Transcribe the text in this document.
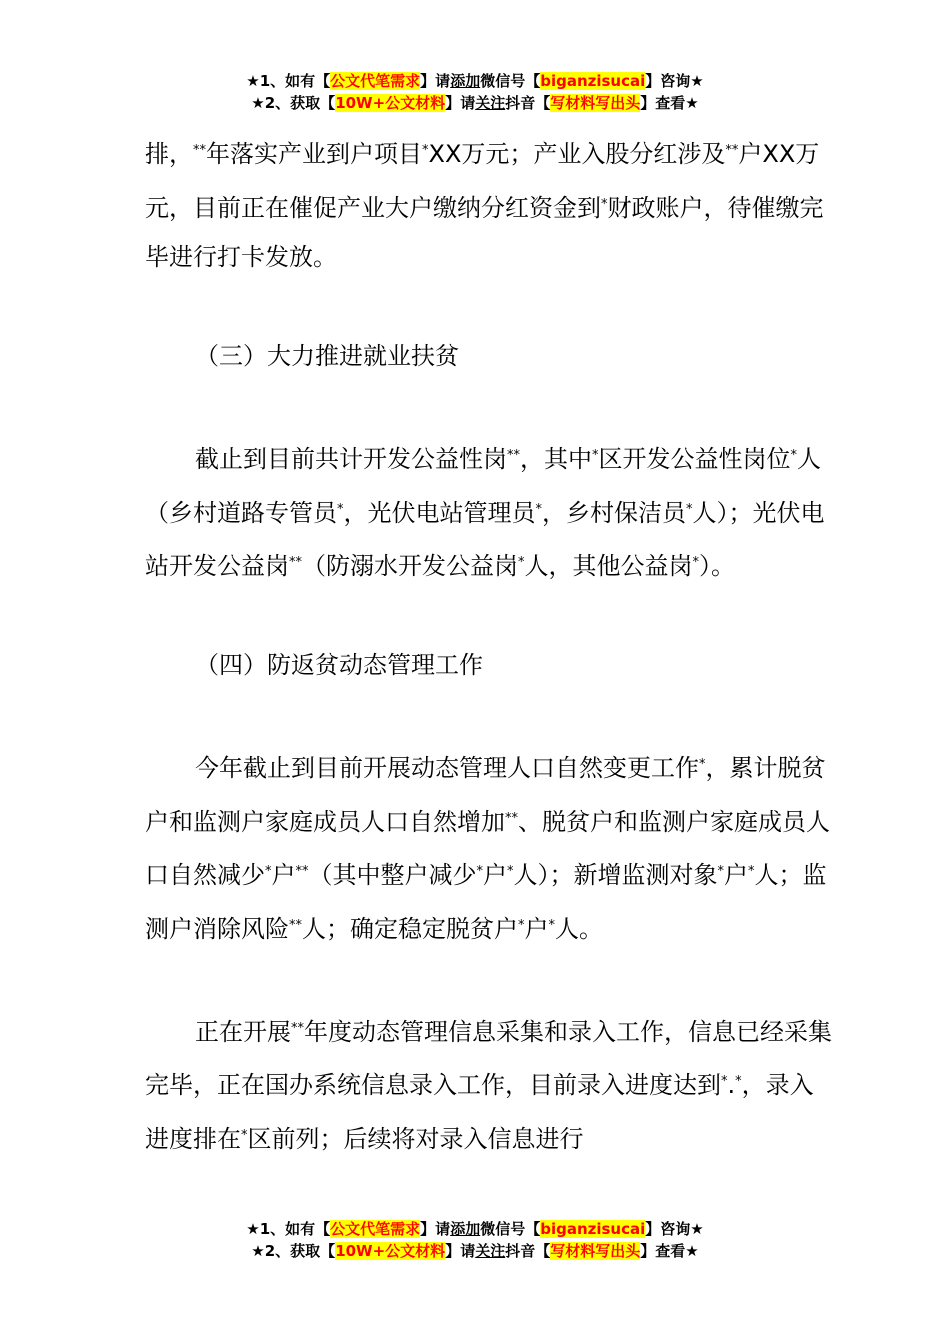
★1、如有【公文代笔需求】请添加微信号【biganzisucai】咨询★
★2、获取【10W+公文材料】请关注抖音【写材料写出头】查看★

排，**年落实产业到户项目*XX万元；产业入股分红涉及**户XX万元，目前正在催促产业大户缴纳分红资金到*财政账户，待催缴完毕进行打卡发放。

（三）大力推进就业扶贫

截止到目前共计开发公益性岗**，其中*区开发公益性岗位*人（乡村道路专管员*，光伏电站管理员*，乡村保洁员*人）；光伏电站开发公益岗**（防溺水开发公益岗*人，其他公益岗*）。

（四）防返贫动态管理工作

今年截止到目前开展动态管理人口自然变更工作*，累计脱贫户和监测户家庭成员人口自然增加**、脱贫户和监测户家庭成员人口自然减少*户**（其中整户减少*户*人）；新增监测对象*户*人；监测户消除风险**人；确定稳定脱贫户*户*人。

正在开展**年度动态管理信息采集和录入工作，信息已经采集完毕，正在国办系统信息录入工作，目前录入进度达到*.*，录入进度排在*区前列；后续将对录入信息进行

★1、如有【公文代笔需求】请添加微信号【biganzisucai】咨询★
★2、获取【10W+公文材料】请关注抖音【写材料写出头】查看★
